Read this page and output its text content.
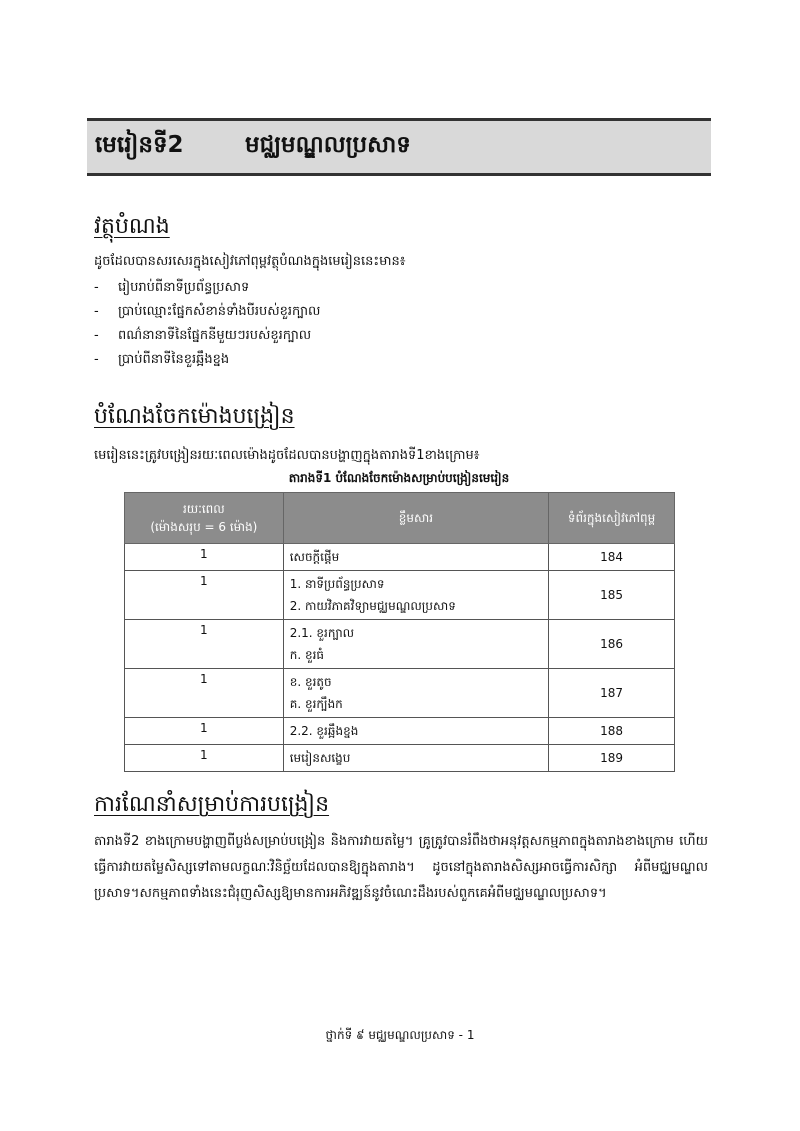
មេរៀនទី2	មជ្ឈមណ្ឌលប្រសាទ
វត្ថុបំណង
ដូចដែលបានសរសេរក្នុងសៀវភៅពុម្ពវត្ថុបំណងក្នុងមេរៀននេះមាន៖
-	រៀបរាប់ពីនាទីប្រព័ន្ធប្រសាទ
-	ប្រាប់ឈ្មោះផ្នែកសំខាន់ទាំងបីរបស់ខួរក្បាល
-	ពណ៌នានាទីនៃផ្នែកនីមួយៗរបស់ខួរក្បាល
-	ប្រាប់ពីនាទីនៃខួរឆ្អឹងខ្នង
បំណែងចែកម៉ោងបង្រៀន
មេរៀននេះត្រូវបង្រៀនរយៈពេលម៉ោងដូចដែលបានបង្ហាញក្នុងតារាងទី1ខាងក្រោម៖
តារាងទី1 បំណែងចែកម៉ោងសម្រាប់បង្រៀនមេរៀន
រយៈពេល
(ម៉ោងសរុប = 6 ម៉ោង)	ខ្លឹមសារ	ទំព័រក្នុងសៀវភៅពុម្ព
1	សេចក្ដីផ្ដើម	184
1	1. នាទីប្រព័ន្ធប្រសាទ
2. កាយវិភាគវិទ្យាមជ្ឈមណ្ឌលប្រសាទ	185
1	2.1. ខួរក្បាល
ក. ខួរធំ	186
1	ខ. ខួរតូច
គ. ខួរក្បឹងក	187
1	2.2. ខួរឆ្អឹងខ្នង	188
1	មេរៀនសង្ខេប	189
ការណែនាំសម្រាប់ការបង្រៀន
តារាងទី2 ខាងក្រោមបង្ហាញពីប្លង់សម្រាប់បង្រៀន និងការវាយតម្លៃ។ គ្រូត្រូវបានរំពឹងថាអនុវត្តសកម្មភាពក្នុងតារាងខាងក្រោម ហើយធ្វើការវាយតម្លៃសិស្សទៅតាមលក្ខណៈវិនិច្ឆ័យដែលបានឱ្យក្នុងតារាង។ ដូចនៅក្នុងតារាងសិស្សអាចធ្វើការសិក្សា អំពីមជ្ឈមណ្ឌលប្រសាទ។សកម្មភាពទាំងនេះជំរុញសិស្សឱ្យមានការអភិវឌ្ឍន៍នូវចំណេះដឹងរបស់ពួកគេអំពីមជ្ឈមណ្ឌលប្រសាទ។
ថ្នាក់ទី ៩ មជ្ឈមណ្ឌលប្រសាទ - 1
